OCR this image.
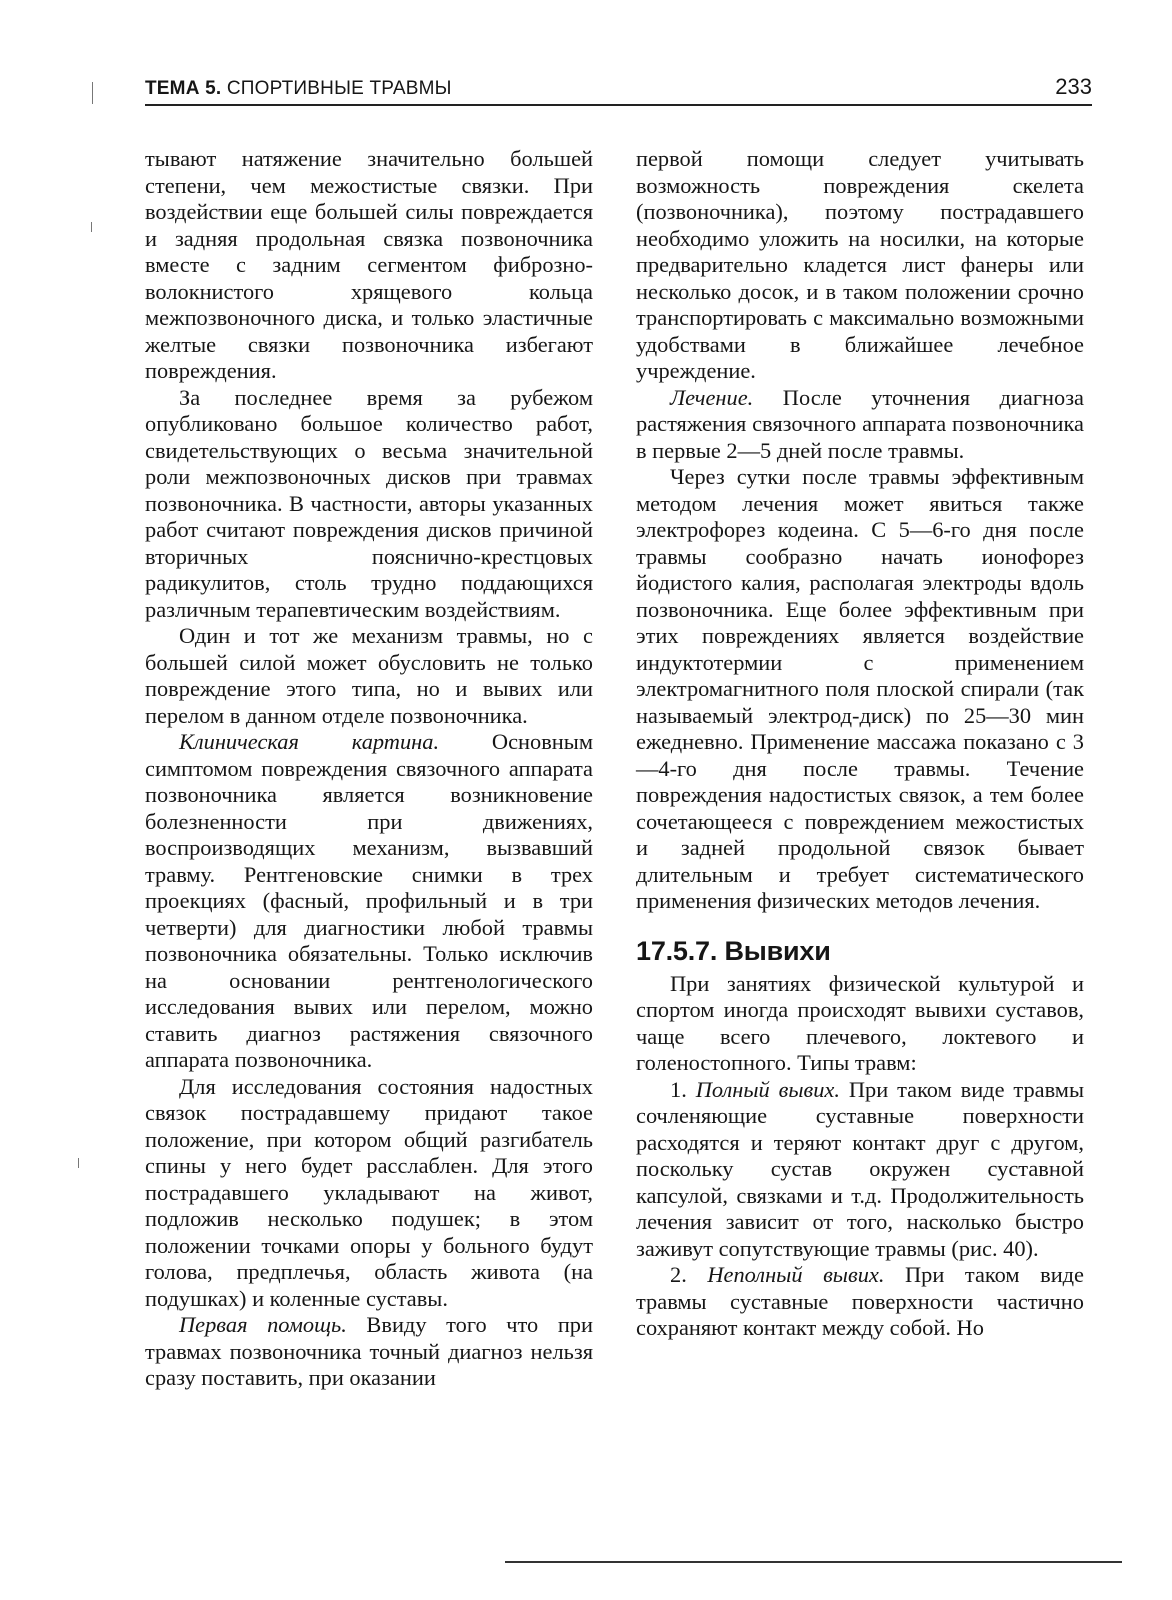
ТЕМА 5. СПОРТИВНЫЕ ТРАВМЫ	233

тывают натяжение значительно большей степени, чем межостистые связки. При воздействии еще большей силы повреждается и задняя продольная связка позвоночника вместе с задним сегментом фиброзно-волокнистого хрящевого кольца межпозвоночного диска, и только эластичные желтые связки позвоночника избегают повреждения.

За последнее время за рубежом опубликовано большое количество работ, свидетельствующих о весьма значительной роли межпозвоночных дисков при травмах позвоночника. В частности, авторы указанных работ считают повреждения дисков причиной вторичных пояснично-крестцовых радикулитов, столь трудно поддающихся различным терапевтическим воздействиям.

Один и тот же механизм травмы, но с большей силой может обусловить не только повреждение этого типа, но и вывих или перелом в данном отделе позвоночника.

Клиническая картина. Основным симптомом повреждения связочного аппарата позвоночника является возникновение болезненности при движениях, воспроизводящих механизм, вызвавший травму. Рентгеновские снимки в трех проекциях (фасный, профильный и в три четверти) для диагностики любой травмы позвоночника обязательны. Только исключив на основании рентгенологического исследования вывих или перелом, можно ставить диагноз растяжения связочного аппарата позвоночника.

Для исследования состояния надостных связок пострадавшему придают такое положение, при котором общий разгибатель спины у него будет расслаблен. Для этого пострадавшего укладывают на живот, подложив несколько подушек; в этом положении точками опоры у больного будут голова, предплечья, область живота (на подушках) и коленные суставы.

Первая помощь. Ввиду того что при травмах позвоночника точный диагноз нельзя сразу поставить, при оказании

первой помощи следует учитывать возможность повреждения скелета (позвоночника), поэтому пострадавшего необходимо уложить на носилки, на которые предварительно кладется лист фанеры или несколько досок, и в таком положении срочно транспортировать с максимально возможными удобствами в ближайшее лечебное учреждение.

Лечение. После уточнения диагноза растяжения связочного аппарата позвоночника в первые 2—5 дней после травмы.

Через сутки после травмы эффективным методом лечения может явиться также электрофорез кодеина. С 5—6-го дня после травмы сообразно начать ионофорез йодистого калия, располагая электроды вдоль позвоночника. Еще более эффективным при этих повреждениях является воздействие индуктотермии с применением электромагнитного поля плоской спирали (так называемый электрод-диск) по 25—30 мин ежедневно. Применение массажа показано с 3—4-го дня после травмы. Течение повреждения надостистых связок, а тем более сочетающееся с повреждением межостистых и задней продольной связок бывает длительным и требует систематического применения физических методов лечения.

17.5.7. Вывихи

При занятиях физической культурой и спортом иногда происходят вывихи суставов, чаще всего плечевого, локтевого и голеностопного. Типы травм:

1. Полный вывих. При таком виде травмы сочленяющие суставные поверхности расходятся и теряют контакт друг с другом, поскольку сустав окружен суставной капсулой, связками и т.д. Продолжительность лечения зависит от того, насколько быстро заживут сопутствующие травмы (рис. 40).

2. Неполный вывих. При таком виде травмы суставные поверхности частично сохраняют контакт между собой. Но
